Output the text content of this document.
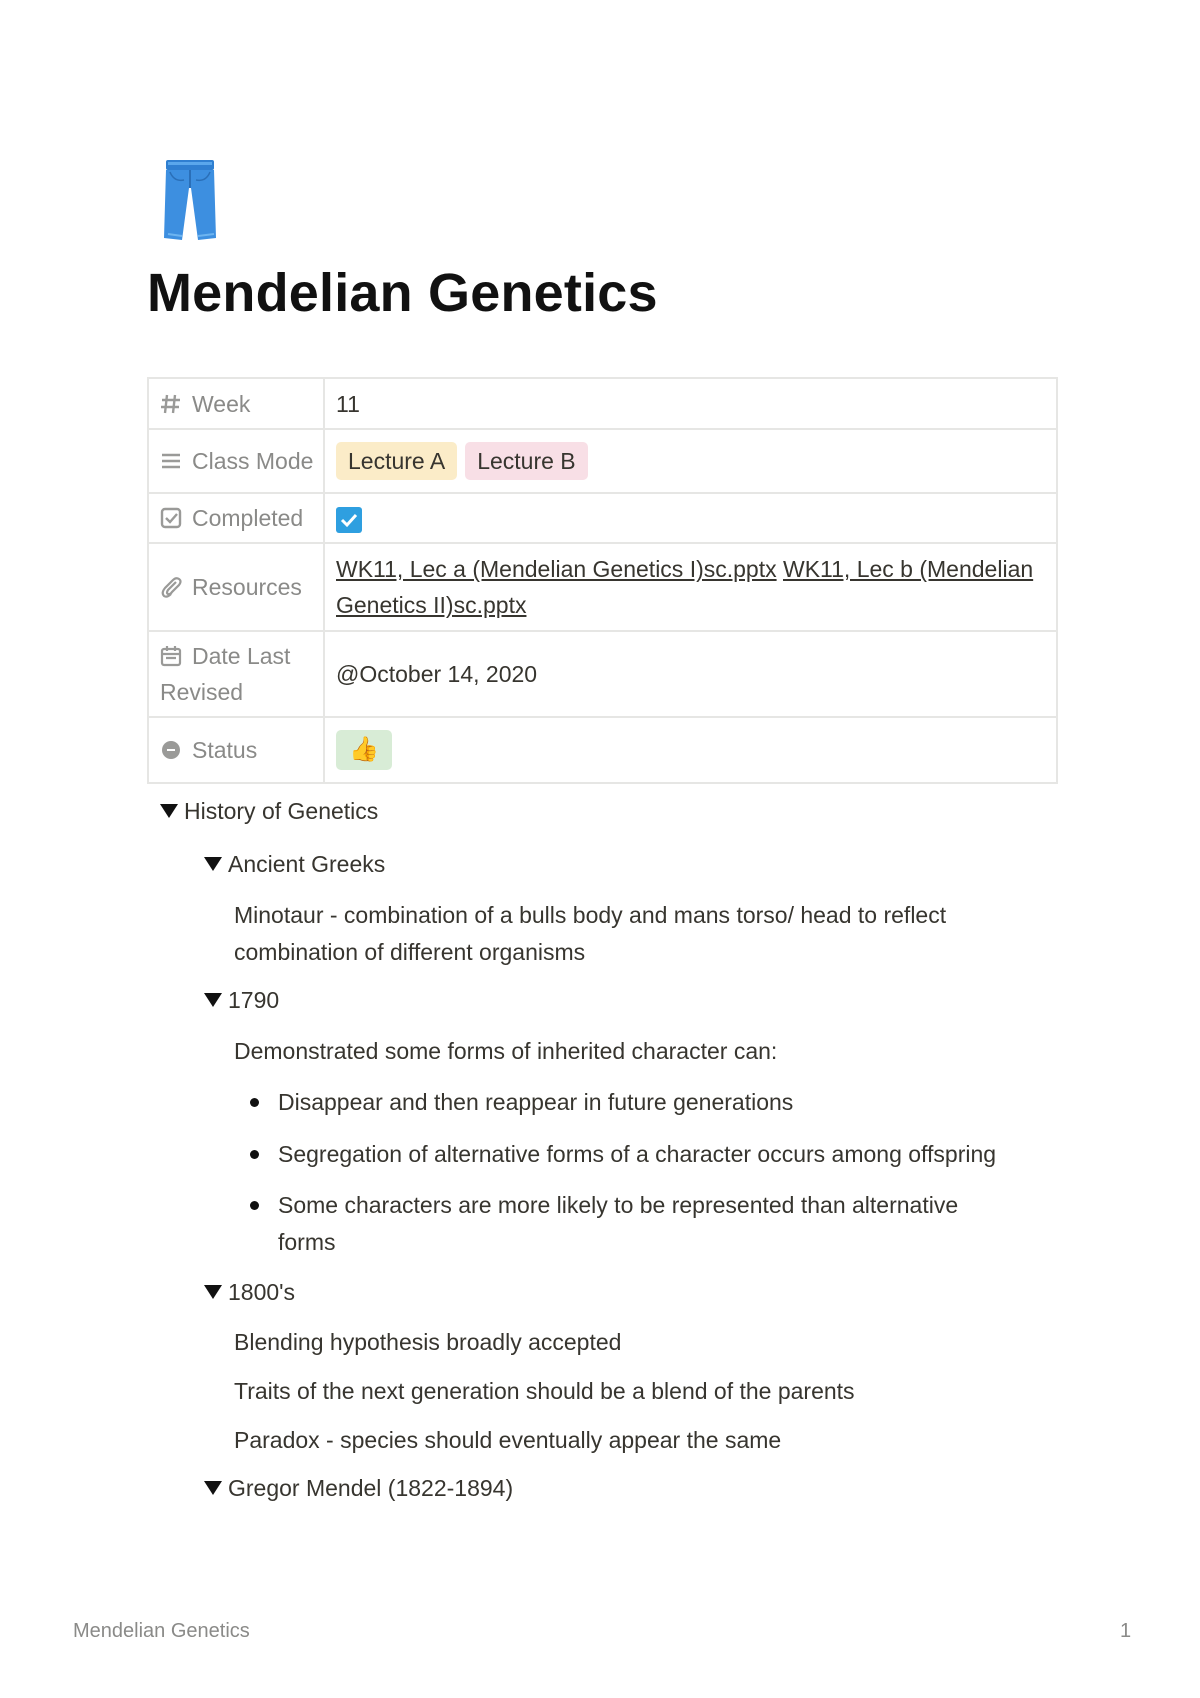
Mendelian Genetics
Week	11
Class Mode	Lecture A Lecture B
Completed	

Resources	WK11, Lec a (Mendelian Genetics I)sc.pptx WK11, Lec b (Mendelian Genetics II)sc.pptx
Date Last
Revised	@October 14, 2020
Status	👍
History of Genetics
Ancient Greeks
Minotaur - combination of a bulls body and mans torso/ head to reflect
combination of different organisms
1790
Demonstrated some forms of inherited character can:
Disappear and then reappear in future generations
Segregation of alternative forms of a character occurs among offspring
Some characters are more likely to be represented than alternative
forms
1800's
Blending hypothesis broadly accepted
Traits of the next generation should be a blend of the parents
Paradox - species should eventually appear the same
Gregor Mendel (1822-1894)
Mendelian Genetics	1
